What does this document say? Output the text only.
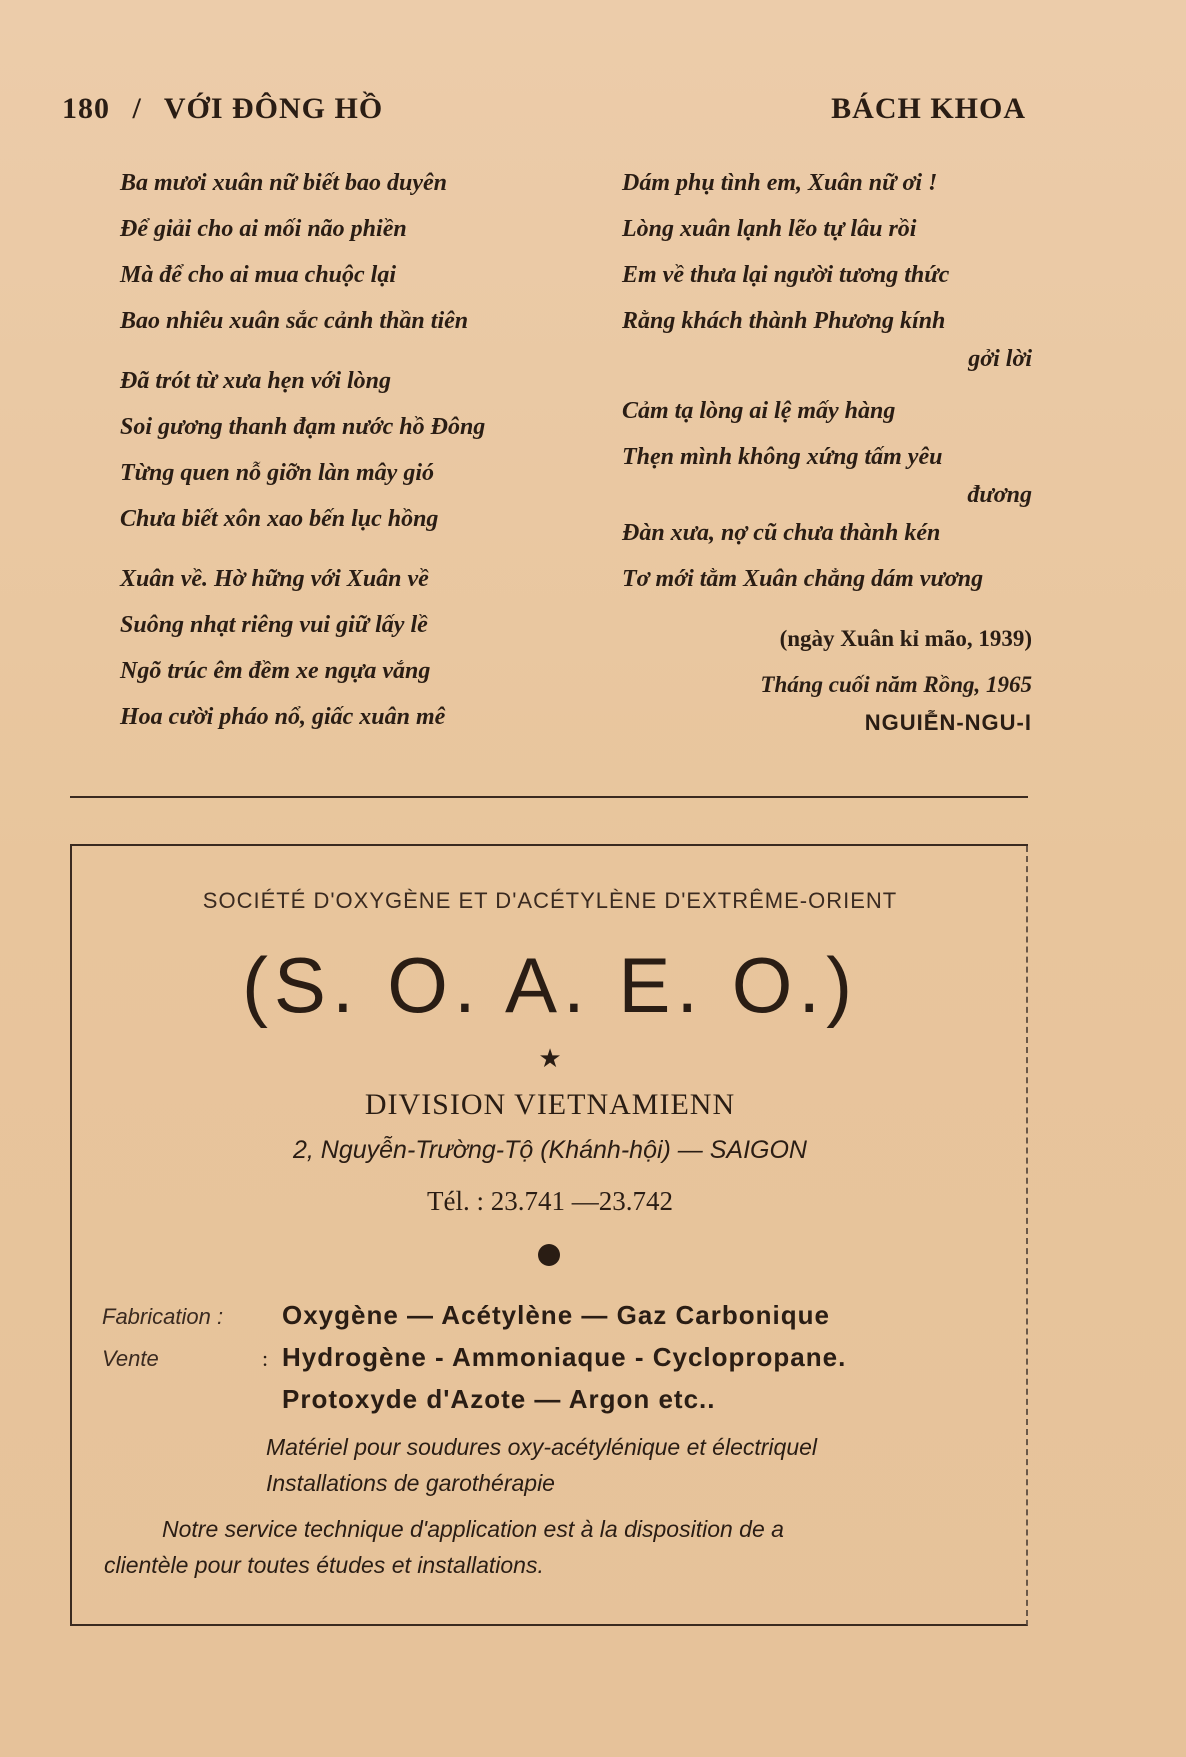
180 / VỚI ĐÔNG HỒ	BÁCH KHOA
Ba mươi xuân nữ biết bao duyên
Để giải cho ai mối não phiền
Mà để cho ai mua chuộc lại
Bao nhiêu xuân sắc cảnh thần tiên
Đã trót từ xưa hẹn với lòng
Soi gương thanh đạm nước hồ Đông
Từng quen nỗ giỡn làn mây gió
Chưa biết xôn xao bến lục hồng
Xuân về. Hờ hững với Xuân về
Suông nhạt riêng vui giữ lấy lề
Ngõ trúc êm đềm xe ngựa vắng
Hoa cười pháo nổ, giấc xuân mê
Dám phụ tình em, Xuân nữ ơi !
Lòng xuân lạnh lẽo tự lâu rồi
Em về thưa lại người tương thức
Rằng khách thành Phương kính
gởi lời
Cảm tạ lòng ai lệ mấy hàng
Thẹn mình không xứng tấm yêu
đương
Đàn xưa, nợ cũ chưa thành kén
Tơ mới tằm Xuân chẳng dám vương
(ngày Xuân kỉ mão, 1939)
Tháng cuối năm Rồng, 1965
NGUIỄN-NGU-I
SOCIÉTÉ D'OXYGÈNE ET D'ACÉTYLÈNE D'EXTRÊME-ORIENT
(S. O. A. E. O.)
★
DIVISION VIETNAMIENN
2, Nguyễn-Trường-Tộ (Khánh-hội) — SAIGON
Tél. : 23.741 —23.742
Fabrication :	Oxygène — Acétylène — Gaz Carbonique
Vente	: Hydrogène - Ammoniaque - Cyclopropane.
Protoxyde d'Azote — Argon etc..
Matériel pour soudures oxy-acétylénique et électriquel
Installations de garothérapie
Notre service technique d'application est à la disposition de a
clientèle pour toutes études et installations.
